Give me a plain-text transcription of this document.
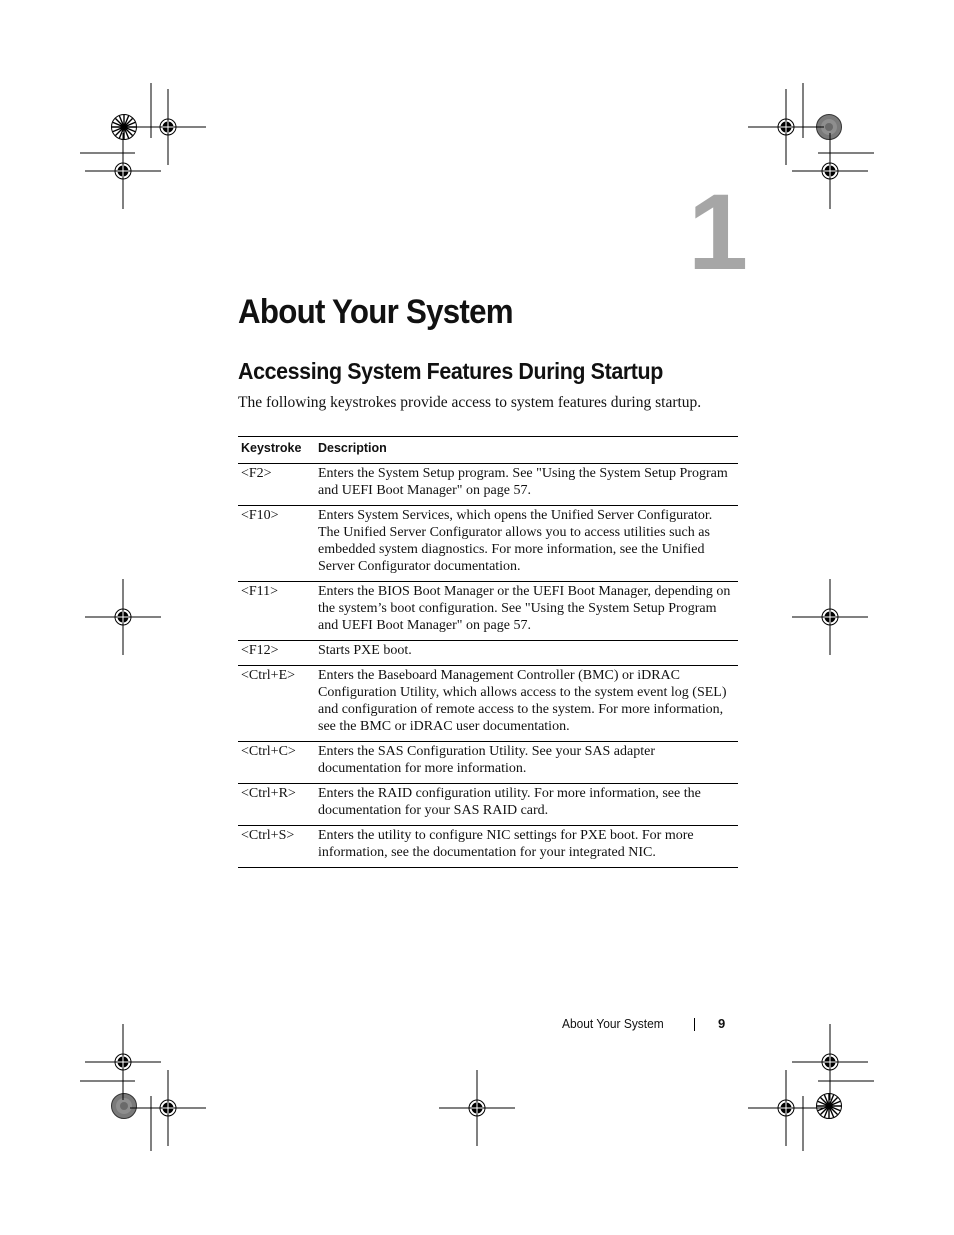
1
About Your System
Accessing System Features During Startup

The following keystrokes provide access to system features during startup.

Keystroke	Description
<F2>	Enters the System Setup program. See "Using the System Setup Program and UEFI Boot Manager" on page 57.
<F10>	Enters System Services, which opens the Unified Server Configurator. The Unified Server Configurator allows you to access utilities such as embedded system diagnostics. For more information, see the Unified Server Configurator documentation.
<F11>	Enters the BIOS Boot Manager or the UEFI Boot Manager, depending on the system’s boot configuration. See "Using the System Setup Program and UEFI Boot Manager" on page 57.
<F12>	Starts PXE boot.
<Ctrl+E>	Enters the Baseboard Management Controller (BMC) or iDRAC Configuration Utility, which allows access to the system event log (SEL) and configuration of remote access to the system. For more information, see the BMC or iDRAC user documentation.
<Ctrl+C>	Enters the SAS Configuration Utility. See your SAS adapter documentation for more information.
<Ctrl+R>	Enters the RAID configuration utility. For more information, see the documentation for your SAS RAID card.
<Ctrl+S>	Enters the utility to configure NIC settings for PXE boot. For more information, see the documentation for your integrated NIC.
About Your System	9
